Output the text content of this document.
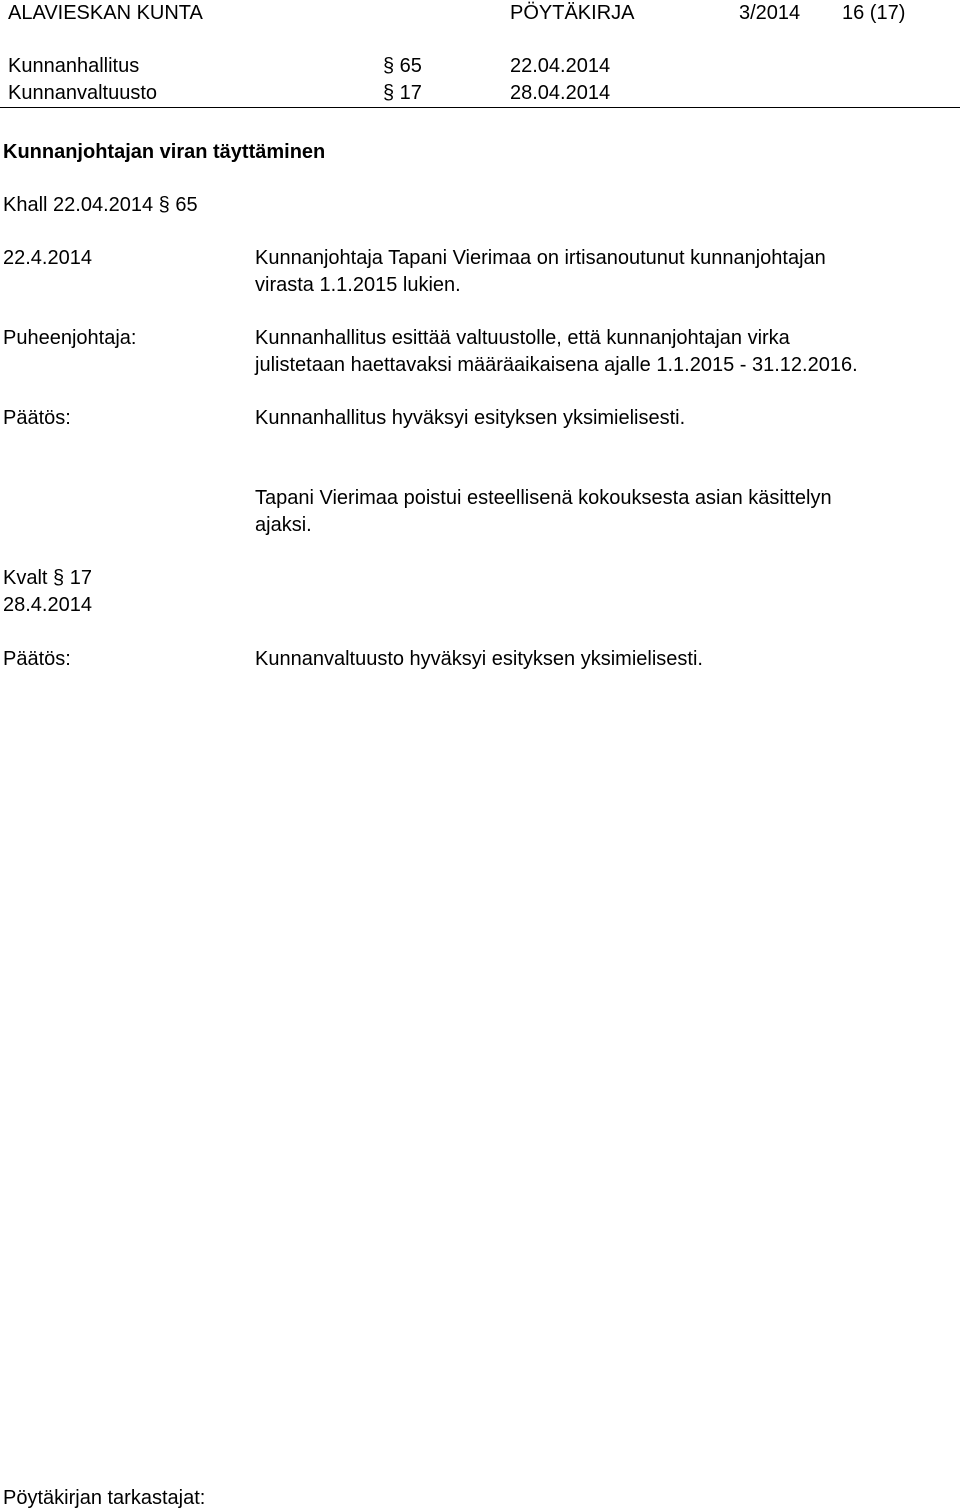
ALAVIESKAN KUNTA	PÖYTÄKIRJA	3/2014 16 (17)
Kunnanhallitus	§ 65	22.04.2014
Kunnanvaltuusto	§ 17	28.04.2014
Kunnanjohtajan viran täyttäminen
Khall 22.04.2014 § 65
22.4.2014	Kunnanjohtaja Tapani Vierimaa on irtisanoutunut kunnanjohtajan
virasta 1.1.2015 lukien.
Puheenjohtaja:	Kunnanhallitus esittää valtuustolle, että kunnanjohtajan virka
julistetaan haettavaksi määräaikaisena ajalle 1.1.2015 - 31.12.2016.
Päätös:	Kunnanhallitus hyväksyi esityksen yksimielisesti.
Tapani Vierimaa poistui esteellisenä kokouksesta asian käsittelyn
ajaksi.
Kvalt § 17
28.4.2014
Päätös:	Kunnanvaltuusto hyväksyi esityksen yksimielisesti.
Pöytäkirjan tarkastajat:
